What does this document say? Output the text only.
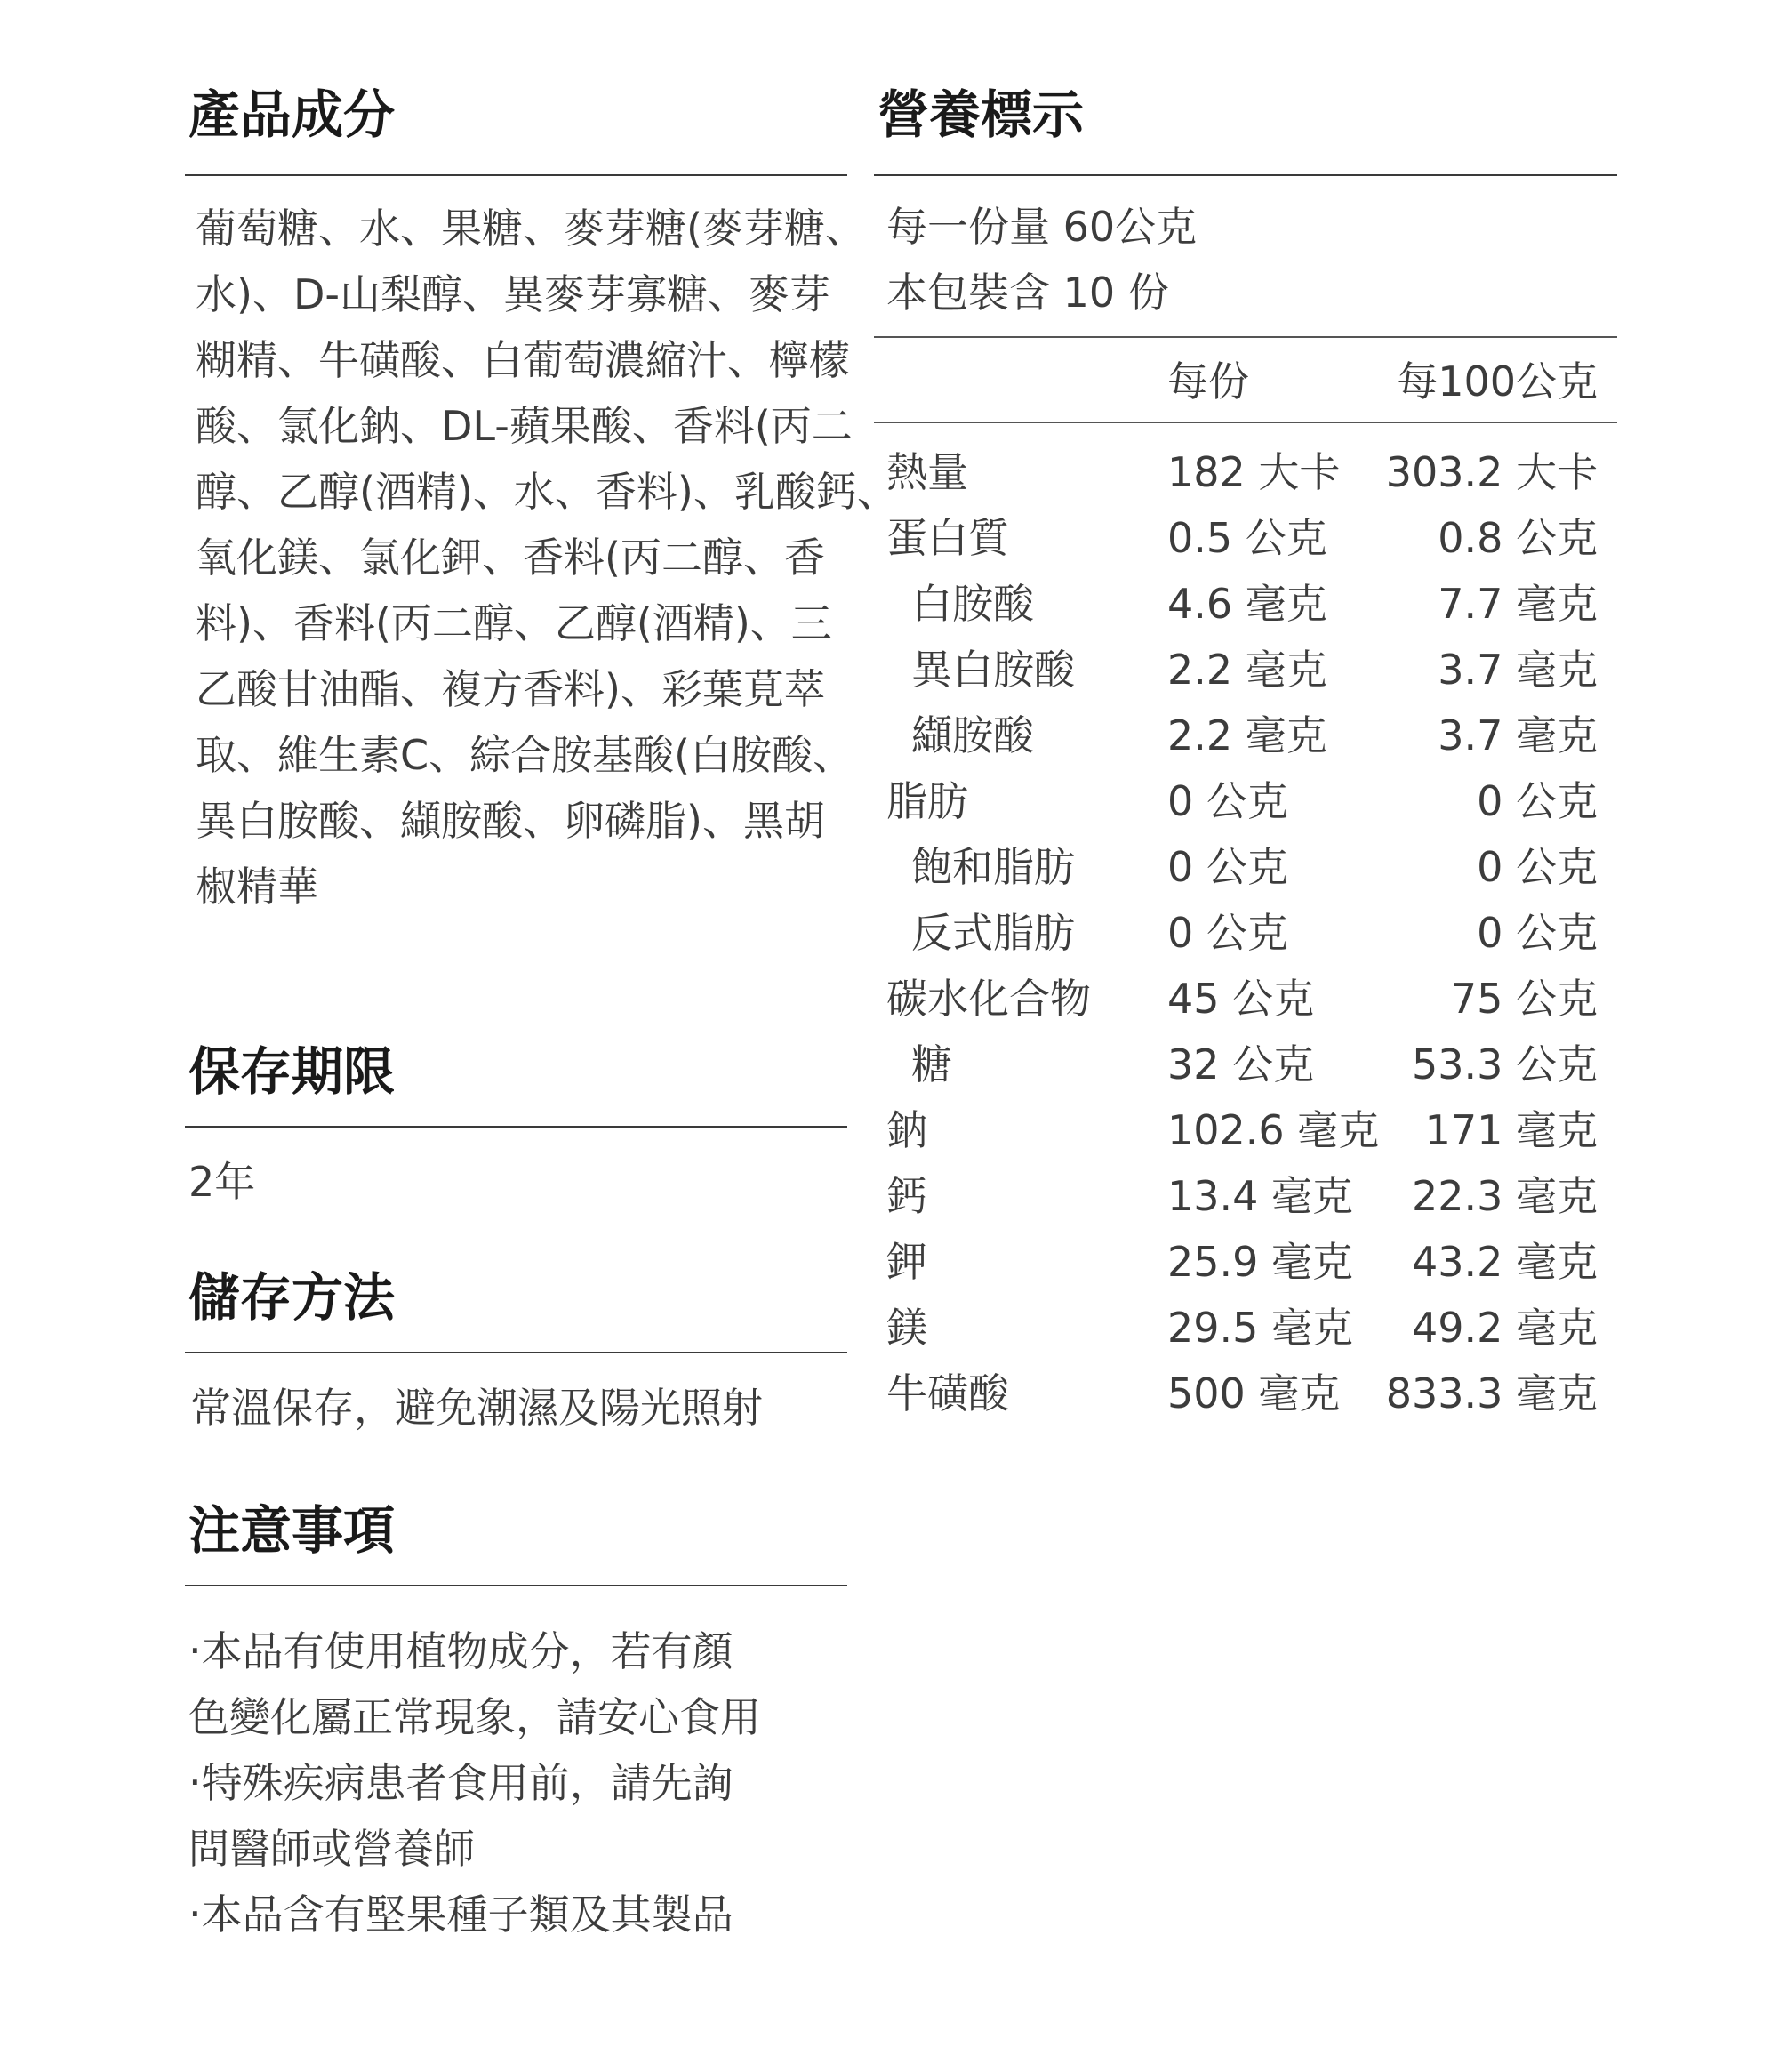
產品成分
葡萄糖、水、果糖、麥芽糖(麥芽糖、
水)、D-山梨醇、異麥芽寡糖、麥芽
糊精、牛磺酸、白葡萄濃縮汁、檸檬
酸、氯化鈉、DL-蘋果酸、香料(丙二
醇、乙醇(酒精)、水、香料)、乳酸鈣、
氧化鎂、氯化鉀、香料(丙二醇、香
料)、香料(丙二醇、乙醇(酒精)、三
乙酸甘油酯、複方香料)、彩葉莧萃
取、維生素C、綜合胺基酸(白胺酸、
異白胺酸、纈胺酸、卵磷脂)、黑胡
椒精華
保存期限
2年
儲存方法
常溫保存，避免潮濕及陽光照射
注意事項
‧本品有使用植物成分，若有顏
色變化屬正常現象，請安心食用
‧特殊疾病患者食用前，請先詢
問醫師或營養師
‧本品含有堅果種子類及其製品
營養標示
每一份量 60公克
本包裝含 10 份
每份	每100公克
熱量	182 大卡 303.2 大卡
蛋白質	0.5 公克	0.8 公克
白胺酸	4.6 毫克	7.7 毫克
異白胺酸 2.2 毫克	3.7 毫克
纈胺酸	2.2 毫克	3.7 毫克
脂肪	0 公克	0 公克
飽和脂肪 0 公克	0 公克
反式脂肪 0 公克	0 公克
碳水化合物 45 公克	75 公克
糖	32 公克 53.3 公克
鈉	102.6 毫克 171 毫克
鈣	13.4 毫克 22.3 毫克
鉀	25.9 毫克 43.2 毫克
鎂	29.5 毫克 49.2 毫克
牛磺酸	500 毫克 833.3 毫克
